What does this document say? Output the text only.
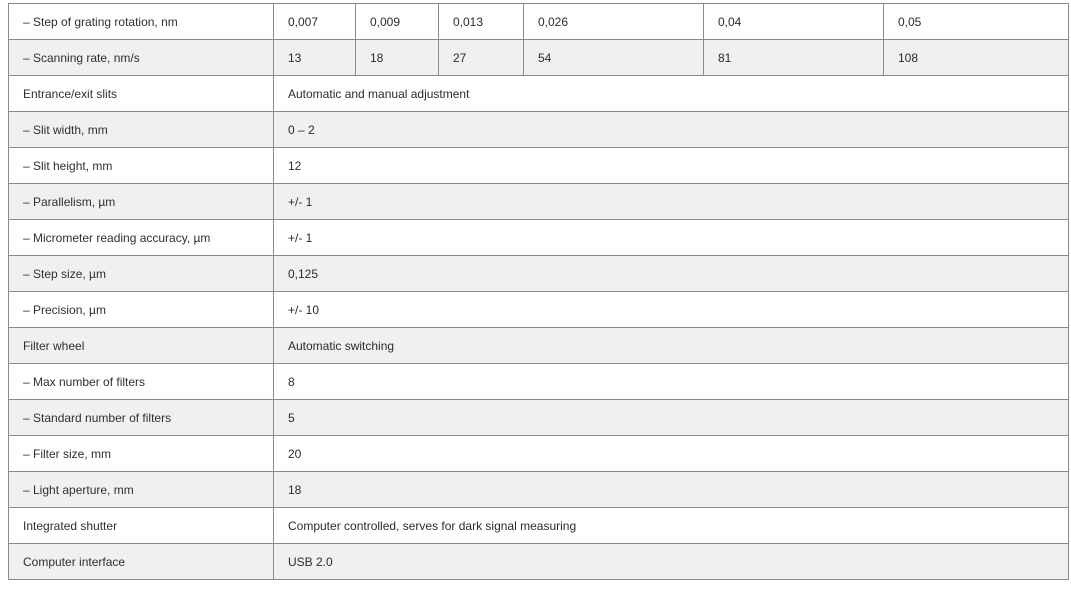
– Step of grating rotation, nm	0,007	0,009	0,013	0,026	0,04	0,05
– Scanning rate, nm/s	13	18	27	54	81	108
Entrance/exit slits	Automatic and manual adjustment					
– Slit width, mm	0 – 2					
– Slit height, mm	12					
– Parallelism, µm	+/- 1					
– Micrometer reading accuracy, µm	+/- 1					
– Step size, µm	0,125					
– Precision, µm	+/- 10					
Filter wheel	Automatic switching					
– Max number of filters	8					
– Standard number of filters	5					
– Filter size, mm	20					
– Light aperture, mm	18					
Integrated shutter	Computer controlled, serves for dark signal measuring					
Computer interface	USB 2.0					
